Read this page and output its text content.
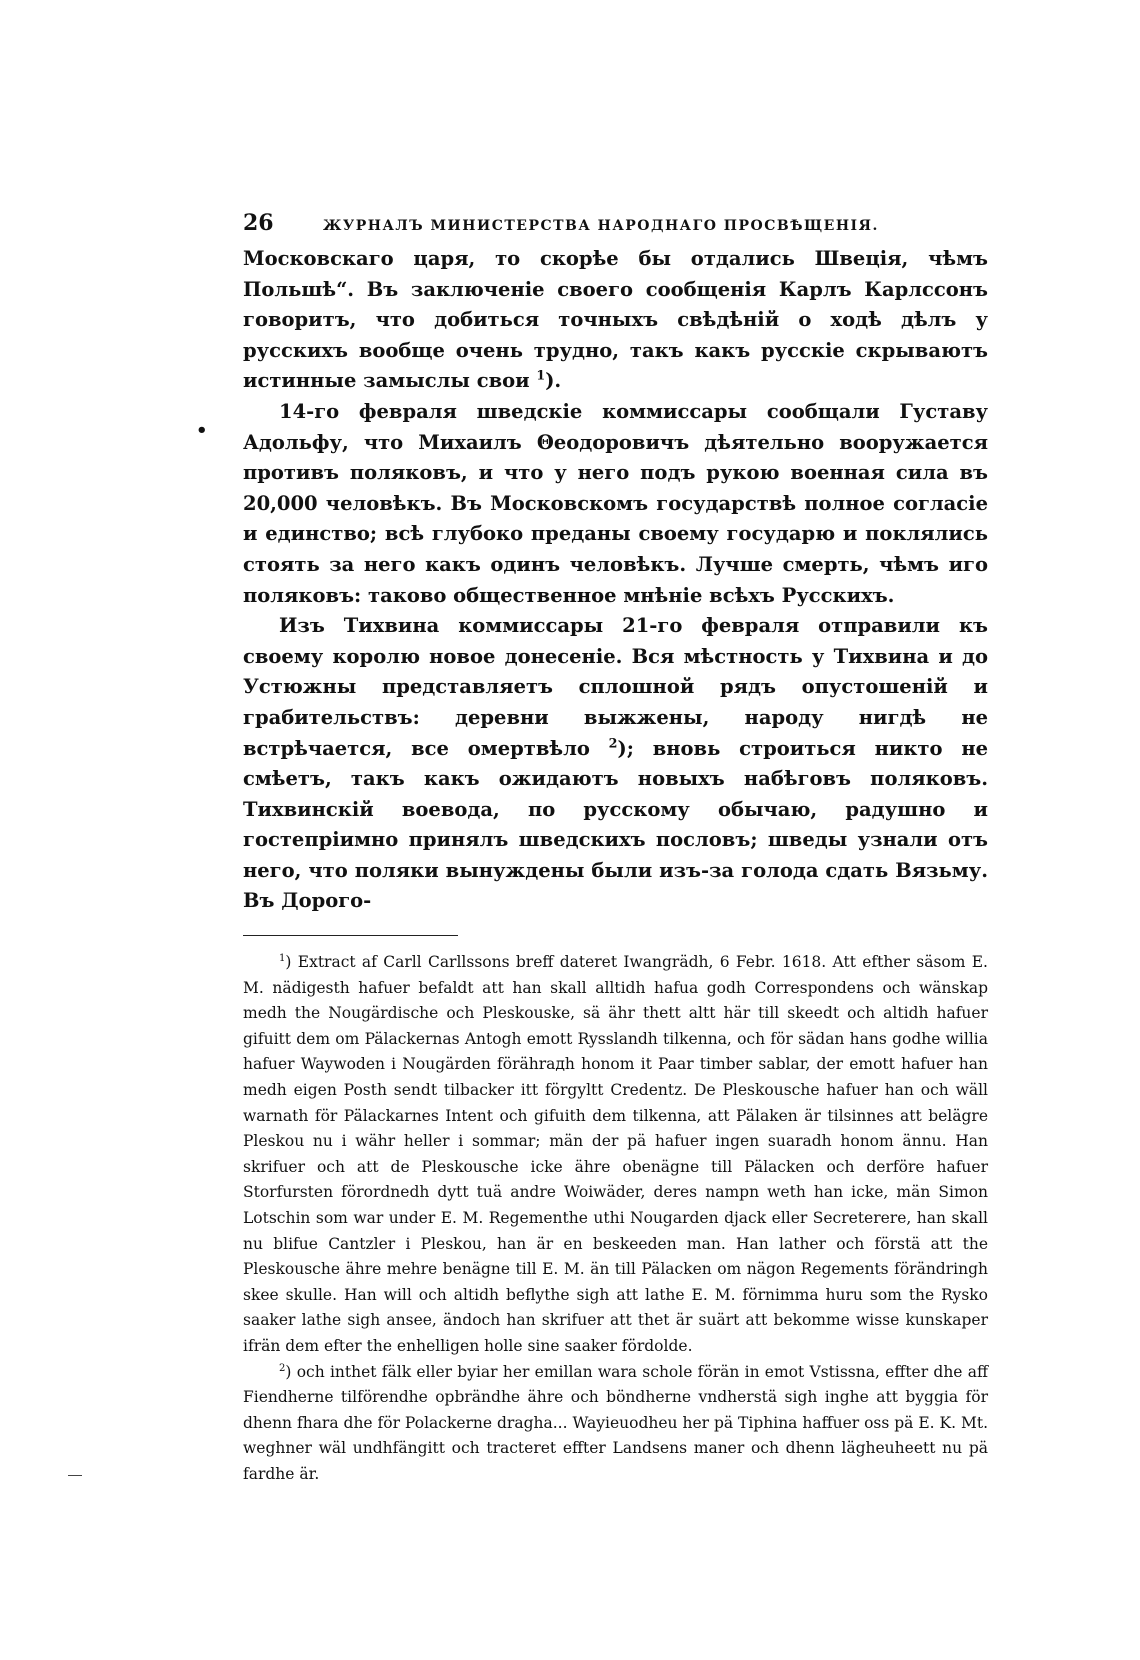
26	ЖУРНАЛЪ МИНИСТЕРСТВА НАРОДНАГО ПРОСВѢЩЕНІЯ.

Московскаго царя, то скорѣе бы отдались Швеція, чѣмъ Польшѣ“. Въ заключеніе своего сообщенія Карлъ Карлссонъ говоритъ, что добиться точныхъ свѣдѣній о ходѣ дѣлъ у русскихъ вообще очень трудно, такъ какъ русскіе скрываютъ истинные замыслы свои $^1$).

14-го февраля шведскіе коммиссары сообщали Густаву Адольфу, что Михаилъ Θеодоровичъ дѣятельно вооружается противъ поляковъ, и что у него подъ рукою военная сила въ 20,000 человѣкъ. Въ Московскомъ государствѣ полное согласіе и единство; всѣ глубоко преданы своему государю и поклялись стоять за него какъ одинъ человѣкъ. Лучше смерть, чѣмъ иго поляковъ: таково общественное мнѣніе всѣхъ Русскихъ.

Изъ Тихвина коммиссары 21-го февраля отправили къ своему королю новое донесеніе. Вся мѣстность у Тихвина и до Устюжны представляетъ сплошной рядъ опустошеній и грабительствъ: деревни выжжены, народу нигдѣ не встрѣчается, все омертвѣло $^2$); вновь строиться никто не смѣетъ, такъ какъ ожидаютъ новыхъ набѣговъ поляковъ. Тихвинскій воевода, по русскому обычаю, радушно и гостепріимно принялъ шведскихъ пословъ; шведы узнали отъ него, что поляки вынуждены были изъ-за голода сдать Вязьму. Въ Дорого-

$^1$) Extract af Carll Carllssons breff dateret Iwangrädh, 6 Febr. 1618. Att efther säsom E. M. nädigesth hafuer befaldt att han skall alltidh hafua godh Correspondens och wänskap medh the Nougärdische och Pleskouske, sä ähr thett altt här till skeedt och altidh hafuer gifuitt dem om Pälackernas Antogh emott Rysslandh tilkenna, och för sädan hans godhe willia hafuer Waywoden i Nougärden förährадh honom it Paar timber sablar, der emott hafuer han medh eigen Posth sendt tilbacker itt förgyltt Credentz. De Pleskousche hafuer han och wäll warnath för Pälackarnes Intent och gifuith dem tilkenna, att Pälaken är tilsinnes att belägre Pleskou nu i währ heller i sommar; män der pä hafuer ingen suaradh honom ännu. Han skrifuer och att de Pleskousche icke ähre obenägne till Pälacken och derföre hafuer Storfursten förordnedh dytt tuä andre Woiwäder, deres nampn weth han icke, män Simon Lotschin som war under E. M. Regementhe uthi Nougarden djack eller Secreterere, han skall nu blifue Cantzler i Pleskou, han är en beskeeden man. Han lather och förstä att the Pleskousche ähre mehre benägne till E. M. än till Pälacken om nägon Regements förändringh skee skulle. Han will och altidh beflythe sigh att lathe E. M. förnimma huru som the Rysko saaker lathe sigh ansee, ändoch han skrifuer att thet är suärt att bekomme wisse kunskaper ifrän dem efter the enhelligen holle sine saaker fördolde.

$^2$) och inthet fälk eller byiar her emillan wara schole förän in emot Vstissna, effter dhe aff Fiendherne tilförendhe opbrändhe ähre och böndherne vndherstä sigh inghe att byggia för dhenn fhara dhe för Polackerne dragha... Wayieuodheu her pä Tiphina haffuer oss pä E. K. Mt. weghner wäl undhfängitt och tracteret effter Landsens maner och dhenn lägheuheett nu pä fardhe är.

•
